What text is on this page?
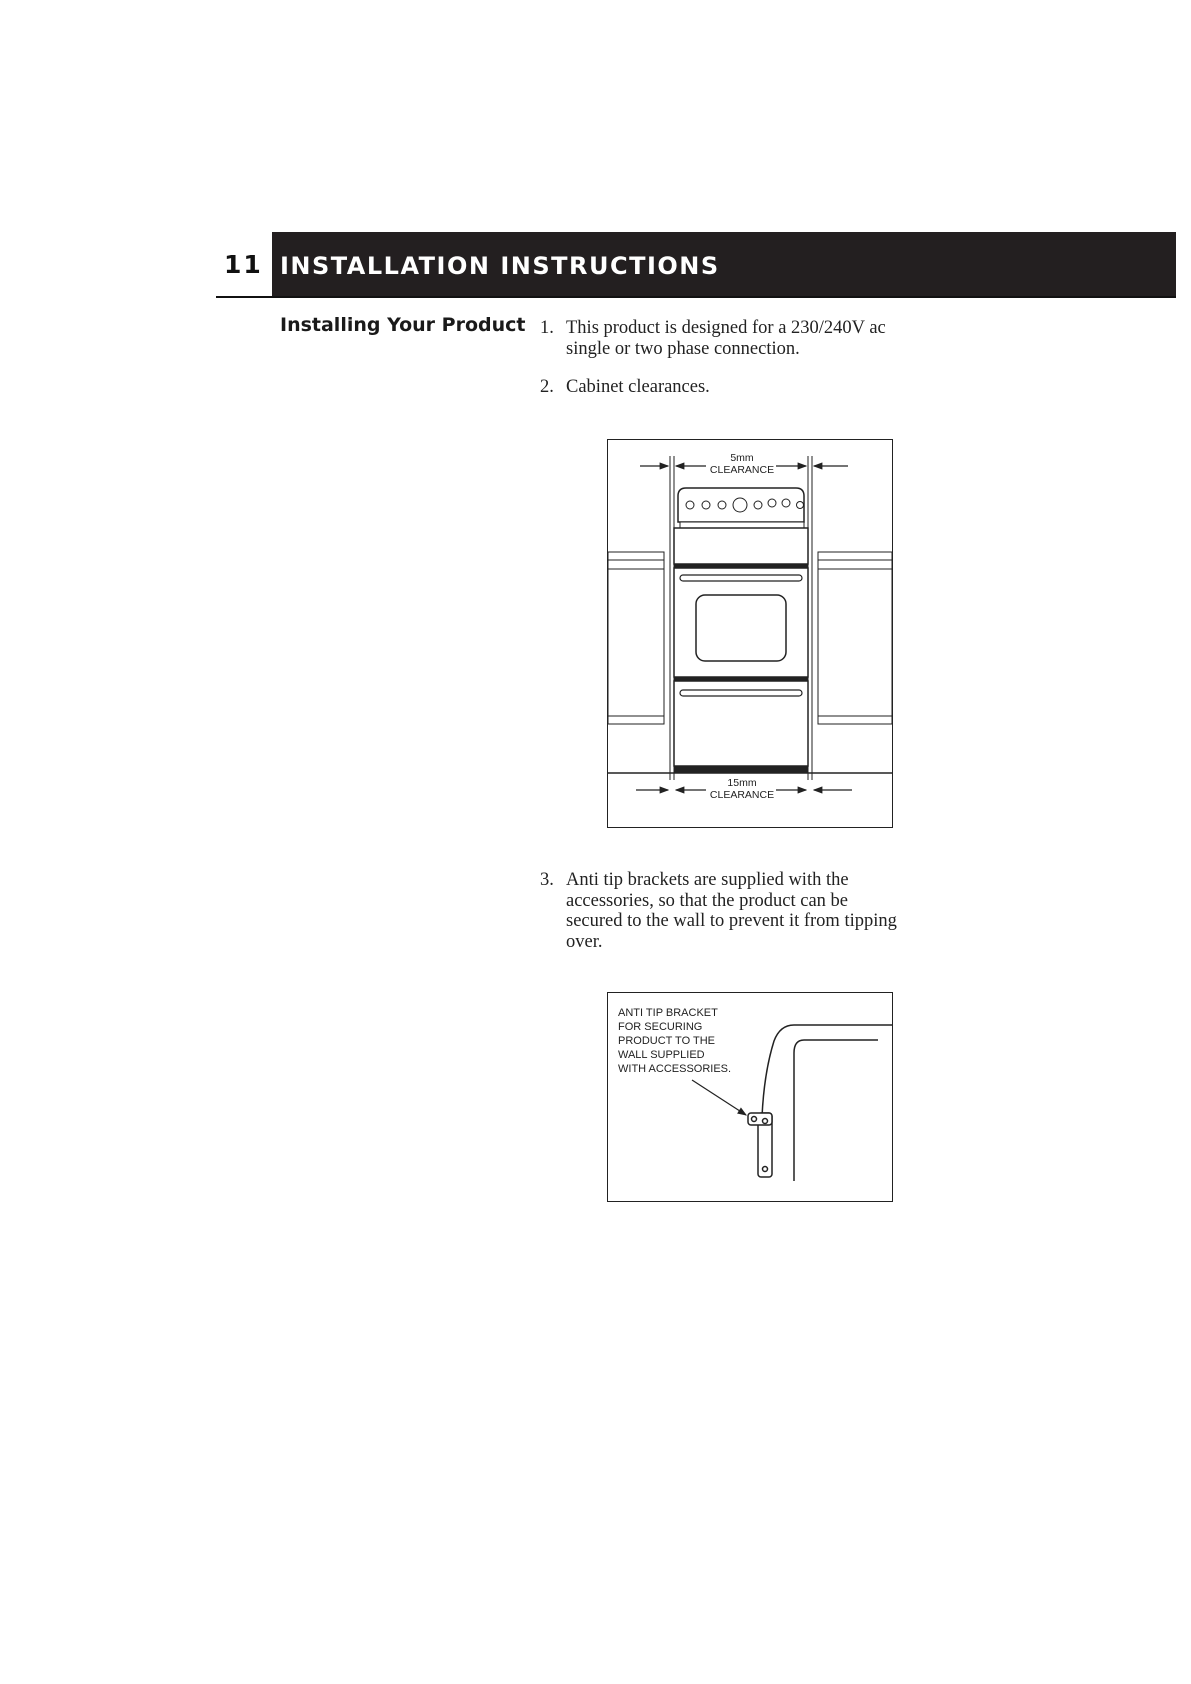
11 INSTALLATION INSTRUCTIONS
Installing Your Product 1. This product is designed for a 230/240V ac
single or two phase connection.
2. Cabinet clearances.
5mm
CLEARANCE
15mm
CLEARANCE
3. Anti tip brackets are supplied with the
accessories, so that the product can be
secured to the wall to prevent it from tipping
over.
ANTI TIP BRACKET
FOR SECURING
PRODUCT TO THE
WALL SUPPLIED
WITH ACCESSORIES.
